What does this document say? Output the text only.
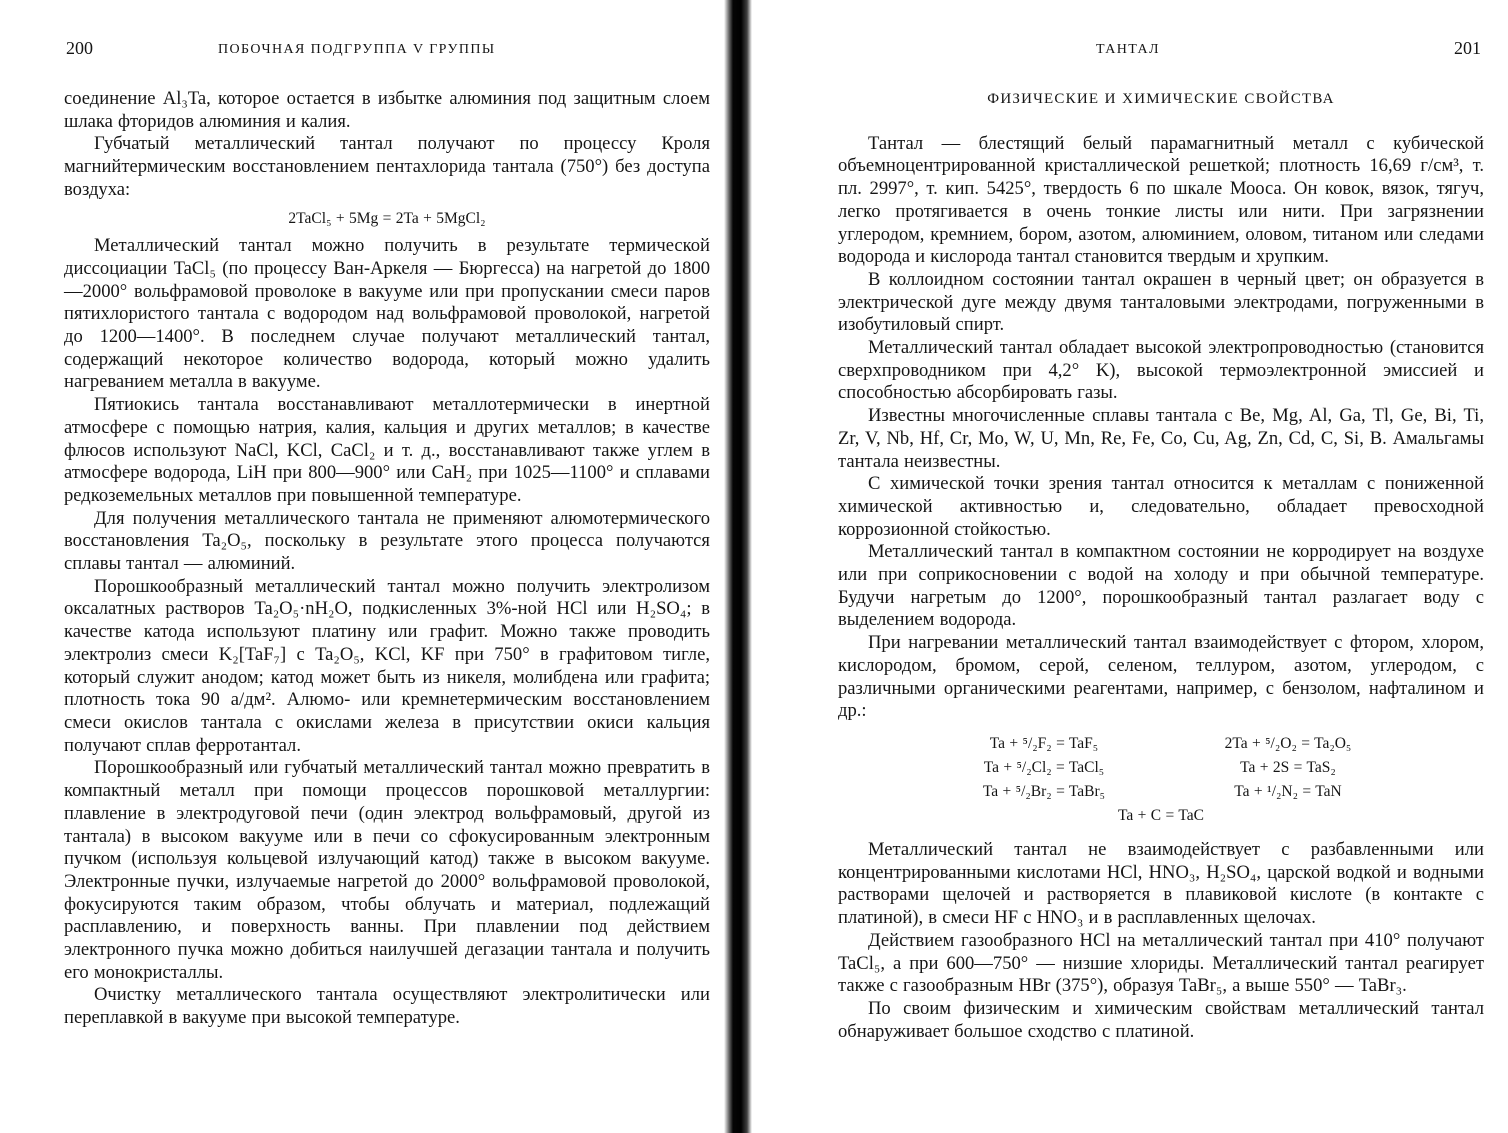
200	ПОБОЧНАЯ ПОДГРУППА V ГРУППЫ

соединение Al₃Ta, которое остается в избытке алюминия под защитным слоем шлака фторидов алюминия и калия.

Губчатый металлический тантал получают по процессу Кроля магнийтермическим восстановлением пентахлорида тантала (750°) без доступа воздуха:

2TaCl₅ + 5Mg = 2Ta + 5MgCl₂

Металлический тантал можно получить в результате термической диссоциации TaCl₅ (по процессу Ван-Аркеля — Бюргесса) на нагретой до 1800—2000° вольфрамовой проволоке в вакууме или при пропускании смеси паров пятихлористого тантала с водородом над вольфрамовой проволокой, нагретой до 1200—1400°. В последнем случае получают металлический тантал, содержащий некоторое количество водорода, который можно удалить нагреванием металла в вакууме.

Пятиокись тантала восстанавливают металлотермически в инертной атмосфере с помощью натрия, калия, кальция и других металлов; в качестве флюсов используют NaCl, KCl, CaCl₂ и т. д., восстанавливают также углем в атмосфере водорода, LiH при 800—900° или CaH₂ при 1025—1100° и сплавами редкоземельных металлов при повышенной температуре.

Для получения металлического тантала не применяют алюмотермического восстановления Ta₂O₅, поскольку в результате этого процесса получаются сплавы тантал — алюминий.

Порошкообразный металлический тантал можно получить электролизом оксалатных растворов Ta₂O₅·nH₂O, подкисленных 3%-ной HCl или H₂SO₄; в качестве катода используют платину или графит. Можно также проводить электролиз смеси K₂[TaF₇] с Ta₂O₅, KCl, KF при 750° в графитовом тигле, который служит анодом; катод может быть из никеля, молибдена или графита; плотность тока 90 а/дм². Алюмо- или кремнетермическим восстановлением смеси окислов тантала с окислами железа в присутствии окиси кальция получают сплав ферротантал.

Порошкообразный или губчатый металлический тантал можно превратить в компактный металл при помощи процессов порошковой металлургии: плавление в электродуговой печи (один электрод вольфрамовый, другой из тантала) в высоком вакууме или в печи со сфокусированным электронным пучком (используя кольцевой излучающий катод) также в высоком вакууме. Электронные пучки, излучаемые нагретой до 2000° вольфрамовой проволокой, фокусируются таким образом, чтобы облучать и материал, подлежащий расплавлению, и поверхность ванны. При плавлении под действием электронного пучка можно добиться наилучшей дегазации тантала и получить его монокристаллы.

Очистку металлического тантала осуществляют электролитически или переплавкой в вакууме при высокой температуре.

ТАНТАЛ	201
ФИЗИЧЕСКИЕ И ХИМИЧЕСКИЕ СВОЙСТВА

Тантал — блестящий белый парамагнитный металл с кубической объемноцентрированной кристаллической решеткой; плотность 16,69 г/см³, т. пл. 2997°, т. кип. 5425°, твердость 6 по шкале Мооса. Он ковок, вязок, тягуч, легко протягивается в очень тонкие листы или нити. При загрязнении углеродом, кремнием, бором, азотом, алюминием, оловом, титаном или следами водорода и кислорода тантал становится твердым и хрупким.

В коллоидном состоянии тантал окрашен в черный цвет; он образуется в электрической дуге между двумя танталовыми электродами, погруженными в изобутиловый спирт.

Металлический тантал обладает высокой электропроводностью (становится сверхпроводником при 4,2° K), высокой термоэлектронной эмиссией и способностью абсорбировать газы.

Известны многочисленные сплавы тантала с Be, Mg, Al, Ga, Tl, Ge, Bi, Ti, Zr, V, Nb, Hf, Cr, Mo, W, U, Mn, Re, Fe, Co, Cu, Ag, Zn, Cd, C, Si, B. Амальгамы тантала неизвестны.

С химической точки зрения тантал относится к металлам с пониженной химической активностью и, следовательно, обладает превосходной коррозионной стойкостью.

Металлический тантал в компактном состоянии не корродирует на воздухе или при соприкосновении с водой на холоду и при обычной температуре. Будучи нагретым до 1200°, порошкообразный тантал разлагает воду с выделением водорода.

При нагревании металлический тантал взаимодействует с фтором, хлором, кислородом, бромом, серой, селеном, теллуром, азотом, углеродом, с различными органическими реагентами, например, с бензолом, нафталином и др.:

Ta + ⁵/₂F₂ = TaF₅	2Ta + ⁵/₂O₂ = Ta₂O₅
Ta + ⁵/₂Cl₂ = TaCl₅	Ta + 2S = TaS₂
Ta + ⁵/₂Br₂ = TaBr₅	Ta + ¹/₂N₂ = TaN
Ta + C = TaC

Металлический тантал не взаимодействует с разбавленными или концентрированными кислотами HCl, HNO₃, H₂SO₄, царской водкой и водными растворами щелочей и растворяется в плавиковой кислоте (в контакте с платиной), в смеси HF с HNO₃ и в расплавленных щелочах.

Действием газообразного HCl на металлический тантал при 410° получают TaCl₅, а при 600—750° — низшие хлориды. Металлический тантал реагирует также с газообразным HBr (375°), образуя TaBr₅, а выше 550° — TaBr₃.

По своим физическим и химическим свойствам металлический тантал обнаруживает большое сходство с платиной.
